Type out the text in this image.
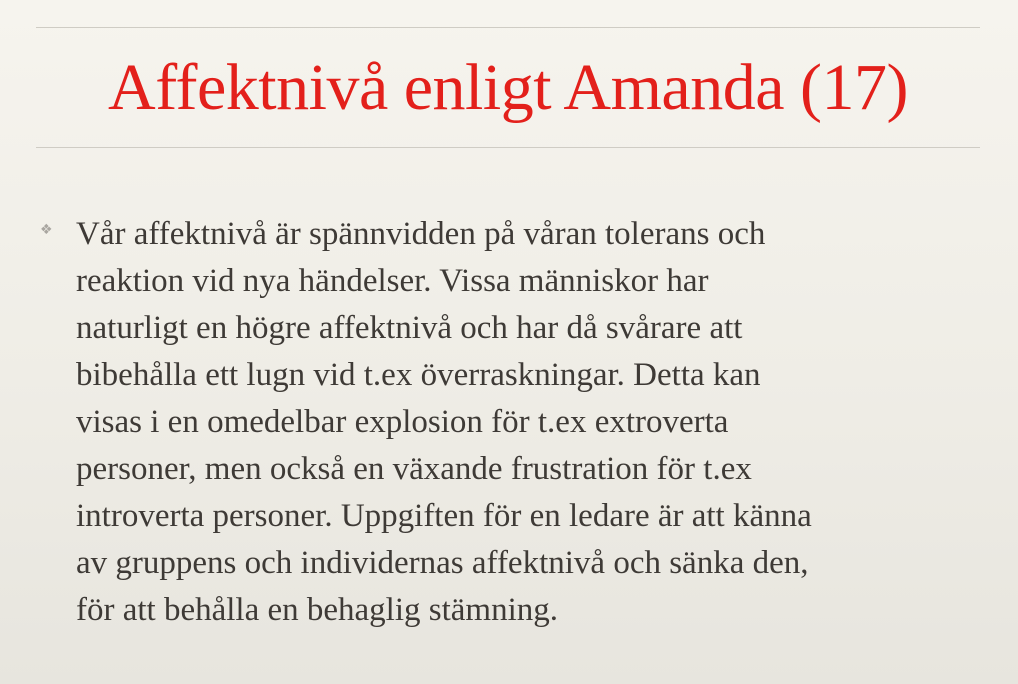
Affektnivå enligt Amanda (17)
❖ Vår affektnivå är spännvidden på våran tolerans och
reaktion vid nya händelser. Vissa människor har
naturligt en högre affektnivå och har då svårare att
bibehålla ett lugn vid t.ex överraskningar. Detta kan
visas i en omedelbar explosion för t.ex extroverta
personer, men också en växande frustration för t.ex
introverta personer. Uppgiften för en ledare är att känna
av gruppens och individernas affektnivå och sänka den,
för att behålla en behaglig stämning.
